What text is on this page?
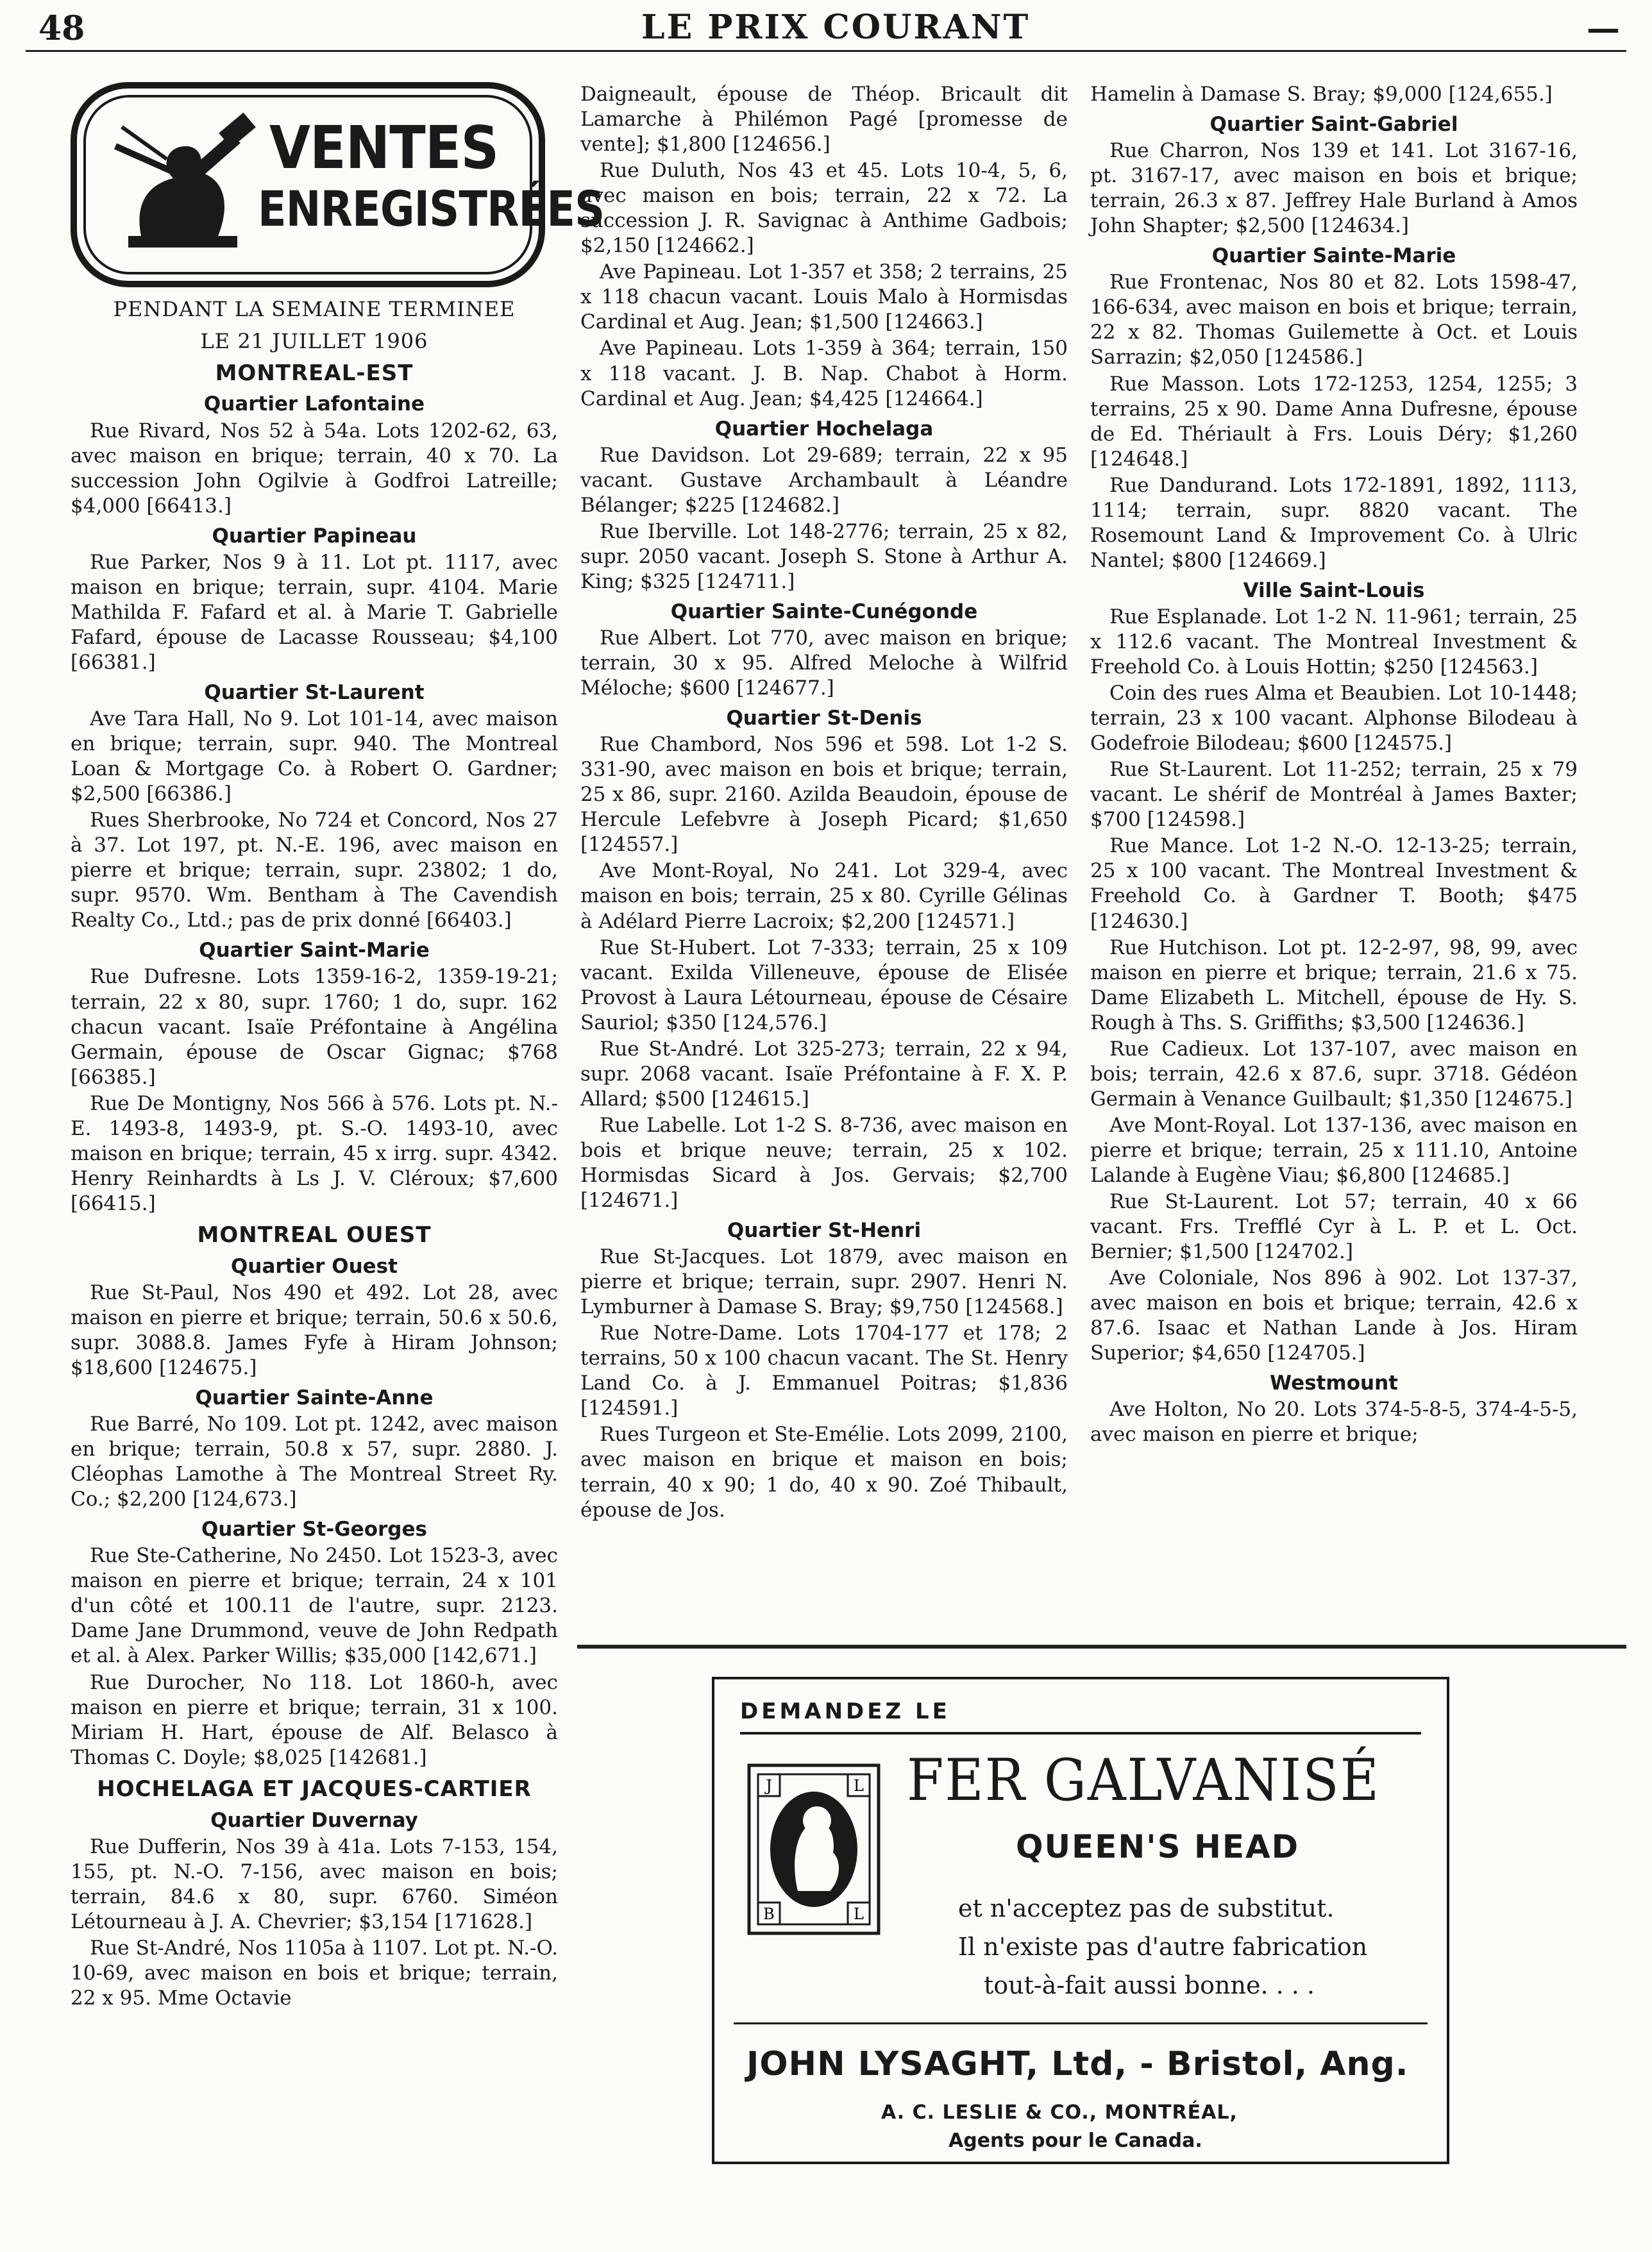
48	LE PRIX COURANT	—
VENTES
ENREGISTRÉES
PENDANT LA SEMAINE TERMINEE
LE 21 JUILLET 1906
MONTREAL-EST
Quartier Lafontaine
Rue Rivard, Nos 52 à 54a. Lots 1202-62, 63, avec maison en brique; terrain, 40 x 70. La succession John Ogilvie à Godfroi Latreille; $4,000 [66413.]
Quartier Papineau
Rue Parker, Nos 9 à 11. Lot pt. 1117, avec maison en brique; terrain, supr. 4104. Marie Mathilda F. Fafard et al. à Marie T. Gabrielle Fafard, épouse de Lacasse Rousseau; $4,100 [66381.]
Quartier St-Laurent
Ave Tara Hall, No 9. Lot 101-14, avec maison en brique; terrain, supr. 940. The Montreal Loan & Mortgage Co. à Robert O. Gardner; $2,500 [66386.]
Rues Sherbrooke, No 724 et Concord, Nos 27 à 37. Lot 197, pt. N.-E. 196, avec maison en pierre et brique; terrain, supr. 23802; 1 do, supr. 9570. Wm. Bentham à The Cavendish Realty Co., Ltd.; pas de prix donné [66403.]
Quartier Saint-Marie
Rue Dufresne. Lots 1359-16-2, 1359-19-21; terrain, 22 x 80, supr. 1760; 1 do, supr. 162 chacun vacant. Isaïe Préfontaine à Angélina Germain, épouse de Oscar Gignac; $768 [66385.]
Rue De Montigny, Nos 566 à 576. Lots pt. N.-E. 1493-8, 1493-9, pt. S.-O. 1493-10, avec maison en brique; terrain, 45 x irrg. supr. 4342. Henry Reinhardts à Ls J. V. Cléroux; $7,600 [66415.]
MONTREAL OUEST
Quartier Ouest
Rue St-Paul, Nos 490 et 492. Lot 28, avec maison en pierre et brique; terrain, 50.6 x 50.6, supr. 3088.8. James Fyfe à Hiram Johnson; $18,600 [124675.]
Quartier Sainte-Anne
Rue Barré, No 109. Lot pt. 1242, avec maison en brique; terrain, 50.8 x 57, supr. 2880. J. Cléophas Lamothe à The Montreal Street Ry. Co.; $2,200 [124,673.]
Quartier St-Georges
Rue Ste-Catherine, No 2450. Lot 1523-3, avec maison en pierre et brique; terrain, 24 x 101 d'un côté et 100.11 de l'autre, supr. 2123. Dame Jane Drummond, veuve de John Redpath et al. à Alex. Parker Willis; $35,000 [142,671.]
Rue Durocher, No 118. Lot 1860-h, avec maison en pierre et brique; terrain, 31 x 100. Miriam H. Hart, épouse de Alf. Belasco à Thomas C. Doyle; $8,025 [142681.]
HOCHELAGA ET JACQUES-CARTIER
Quartier Duvernay
Rue Dufferin, Nos 39 à 41a. Lots 7-153, 154, 155, pt. N.-O. 7-156, avec maison en bois; terrain, 84.6 x 80, supr. 6760. Siméon Létourneau à J. A. Chevrier; $3,154 [171628.]
Rue St-André, Nos 1105a à 1107. Lot pt. N.-O. 10-69, avec maison en bois et brique; terrain, 22 x 95. Mme Octavie
Daigneault, épouse de Théop. Bricault dit Lamarche à Philémon Pagé [promesse de vente]; $1,800 [124656.]
Rue Duluth, Nos 43 et 45. Lots 10-4, 5, 6, avec maison en bois; terrain, 22 x 72. La succession J. R. Savignac à Anthime Gadbois; $2,150 [124662.]
Ave Papineau. Lot 1-357 et 358; 2 terrains, 25 x 118 chacun vacant. Louis Malo à Hormisdas Cardinal et Aug. Jean; $1,500 [124663.]
Ave Papineau. Lots 1-359 à 364; terrain, 150 x 118 vacant. J. B. Nap. Chabot à Horm. Cardinal et Aug. Jean; $4,425 [124664.]
Quartier Hochelaga
Rue Davidson. Lot 29-689; terrain, 22 x 95 vacant. Gustave Archambault à Léandre Bélanger; $225 [124682.]
Rue Iberville. Lot 148-2776; terrain, 25 x 82, supr. 2050 vacant. Joseph S. Stone à Arthur A. King; $325 [124711.]
Quartier Sainte-Cunégonde
Rue Albert. Lot 770, avec maison en brique; terrain, 30 x 95. Alfred Meloche à Wilfrid Méloche; $600 [124677.]
Quartier St-Denis
Rue Chambord, Nos 596 et 598. Lot 1-2 S. 331-90, avec maison en bois et brique; terrain, 25 x 86, supr. 2160. Azilda Beaudoin, épouse de Hercule Lefebvre à Joseph Picard; $1,650 [124557.]
Ave Mont-Royal, No 241. Lot 329-4, avec maison en bois; terrain, 25 x 80. Cyrille Gélinas à Adélard Pierre Lacroix; $2,200 [124571.]
Rue St-Hubert. Lot 7-333; terrain, 25 x 109 vacant. Exilda Villeneuve, épouse de Elisée Provost à Laura Létourneau, épouse de Césaire Sauriol; $350 [124,576.]
Rue St-André. Lot 325-273; terrain, 22 x 94, supr. 2068 vacant. Isaïe Préfontaine à F. X. P. Allard; $500 [124615.]
Rue Labelle. Lot 1-2 S. 8-736, avec maison en bois et brique neuve; terrain, 25 x 102. Hormisdas Sicard à Jos. Gervais; $2,700 [124671.]
Quartier St-Henri
Rue St-Jacques. Lot 1879, avec maison en pierre et brique; terrain, supr. 2907. Henri N. Lymburner à Damase S. Bray; $9,750 [124568.]
Rue Notre-Dame. Lots 1704-177 et 178; 2 terrains, 50 x 100 chacun vacant. The St. Henry Land Co. à J. Emmanuel Poitras; $1,836 [124591.]
Rues Turgeon et Ste-Emélie. Lots 2099, 2100, avec maison en brique et maison en bois; terrain, 40 x 90; 1 do, 40 x 90. Zoé Thibault, épouse de Jos.
Hamelin à Damase S. Bray; $9,000 [124,655.]
Quartier Saint-Gabriel
Rue Charron, Nos 139 et 141. Lot 3167-16, pt. 3167-17, avec maison en bois et brique; terrain, 26.3 x 87. Jeffrey Hale Burland à Amos John Shapter; $2,500 [124634.]
Quartier Sainte-Marie
Rue Frontenac, Nos 80 et 82. Lots 1598-47, 166-634, avec maison en bois et brique; terrain, 22 x 82. Thomas Guilemette à Oct. et Louis Sarrazin; $2,050 [124586.]
Rue Masson. Lots 172-1253, 1254, 1255; 3 terrains, 25 x 90. Dame Anna Dufresne, épouse de Ed. Thériault à Frs. Louis Déry; $1,260 [124648.]
Rue Dandurand. Lots 172-1891, 1892, 1113, 1114; terrain, supr. 8820 vacant. The Rosemount Land & Improvement Co. à Ulric Nantel; $800 [124669.]
Ville Saint-Louis
Rue Esplanade. Lot 1-2 N. 11-961; terrain, 25 x 112.6 vacant. The Montreal Investment & Freehold Co. à Louis Hottin; $250 [124563.]
Coin des rues Alma et Beaubien. Lot 10-1448; terrain, 23 x 100 vacant. Alphonse Bilodeau à Godefroie Bilodeau; $600 [124575.]
Rue St-Laurent. Lot 11-252; terrain, 25 x 79 vacant. Le shérif de Montréal à James Baxter; $700 [124598.]
Rue Mance. Lot 1-2 N.-O. 12-13-25; terrain, 25 x 100 vacant. The Montreal Investment & Freehold Co. à Gardner T. Booth; $475 [124630.]
Rue Hutchison. Lot pt. 12-2-97, 98, 99, avec maison en pierre et brique; terrain, 21.6 x 75. Dame Elizabeth L. Mitchell, épouse de Hy. S. Rough à Ths. S. Griffiths; $3,500 [124636.]
Rue Cadieux. Lot 137-107, avec maison en bois; terrain, 42.6 x 87.6, supr. 3718. Gédéon Germain à Venance Guilbault; $1,350 [124675.]
Ave Mont-Royal. Lot 137-136, avec maison en pierre et brique; terrain, 25 x 111.10, Antoine Lalande à Eugène Viau; $6,800 [124685.]
Rue St-Laurent. Lot 57; terrain, 40 x 66 vacant. Frs. Trefflé Cyr à L. P. et L. Oct. Bernier; $1,500 [124702.]
Ave Coloniale, Nos 896 à 902. Lot 137-37, avec maison en bois et brique; terrain, 42.6 x 87.6. Isaac et Nathan Lande à Jos. Hiram Superior; $4,650 [124705.]
Westmount
Ave Holton, No 20. Lots 374-5-8-5, 374-4-5-5, avec maison en pierre et brique;
DEMANDEZ LE
J	L
B	L
FER GALVANISÉ
QUEEN'S HEAD
et n'acceptez pas de substitut.
Il n'existe pas d'autre fabrication
tout-à-fait aussi bonne. . . .
JOHN LYSAGHT, Ltd, - Bristol, Ang.
A. C. LESLIE & CO., MONTRÉAL,
Agents pour le Canada.
